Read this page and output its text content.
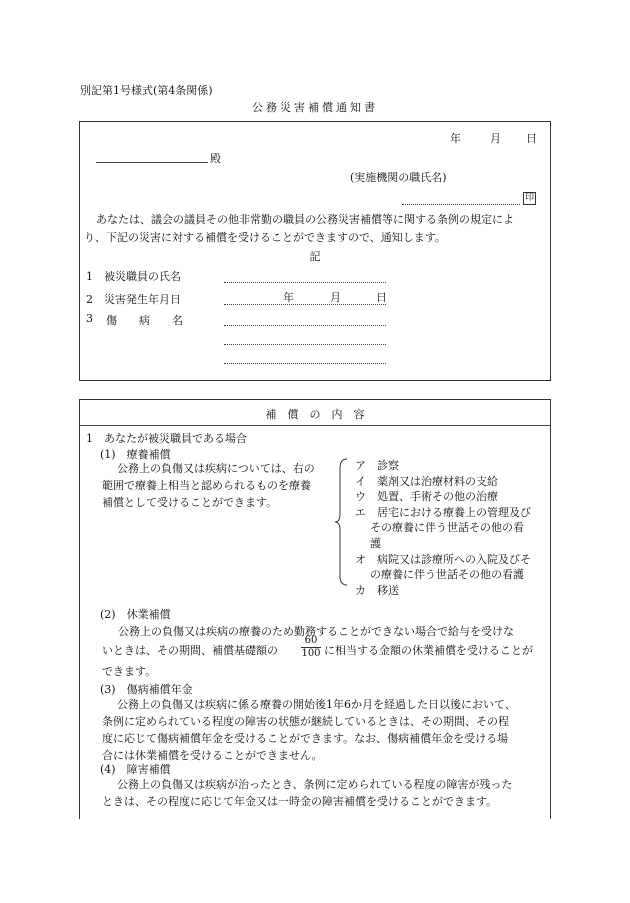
別記第1号様式(第4条関係)
公務災害補償通知書
年	月 日
殿
(実施機関の職氏名)
印
あなたは、議会の議員その他非常勤の職員の公務災害補償等に関する条例の規定によ
り、下記の災害に対する補償を受けることができますので、通知します。
記
1　被災職員の氏名
2　災害発生年月日	年	月	日
3 傷　　病　　名
補　償　の　内　容
1　あなたが被災職員である場合
(1)　療養補償
公務上の負傷又は疾病については、右の
範囲で療養上相当と認められるものを療養
補償として受けることができます。
ア　診察
イ　薬剤又は治療材料の支給
ウ　処置、手術その他の治療
エ　居宅における療養上の管理及び
その療養に伴う世話その他の看
護
オ　病院又は診療所への入院及びそ
の療養に伴う世話その他の看護
カ　移送
(2)　休業補償
公務上の負傷又は疾病の療養のため勤務することができない場合で給与を受けな
いときは、その期間、補償基礎額の $\frac{60}{100}$ に相当する金額の休業補償を受けることが
できます。
(3)　傷病補償年金
公務上の負傷又は疾病に係る療養の開始後1年6か月を経過した日以後において、
条例に定められている程度の障害の状態が継続しているときは、その期間、その程
度に応じて傷病補償年金を受けることができます。なお、傷病補償年金を受ける場
合には休業補償を受けることができません。
(4)　障害補償
公務上の負傷又は疾病が治ったとき、条例に定められている程度の障害が残った
ときは、その程度に応じて年金又は一時金の障害補償を受けることができます。
